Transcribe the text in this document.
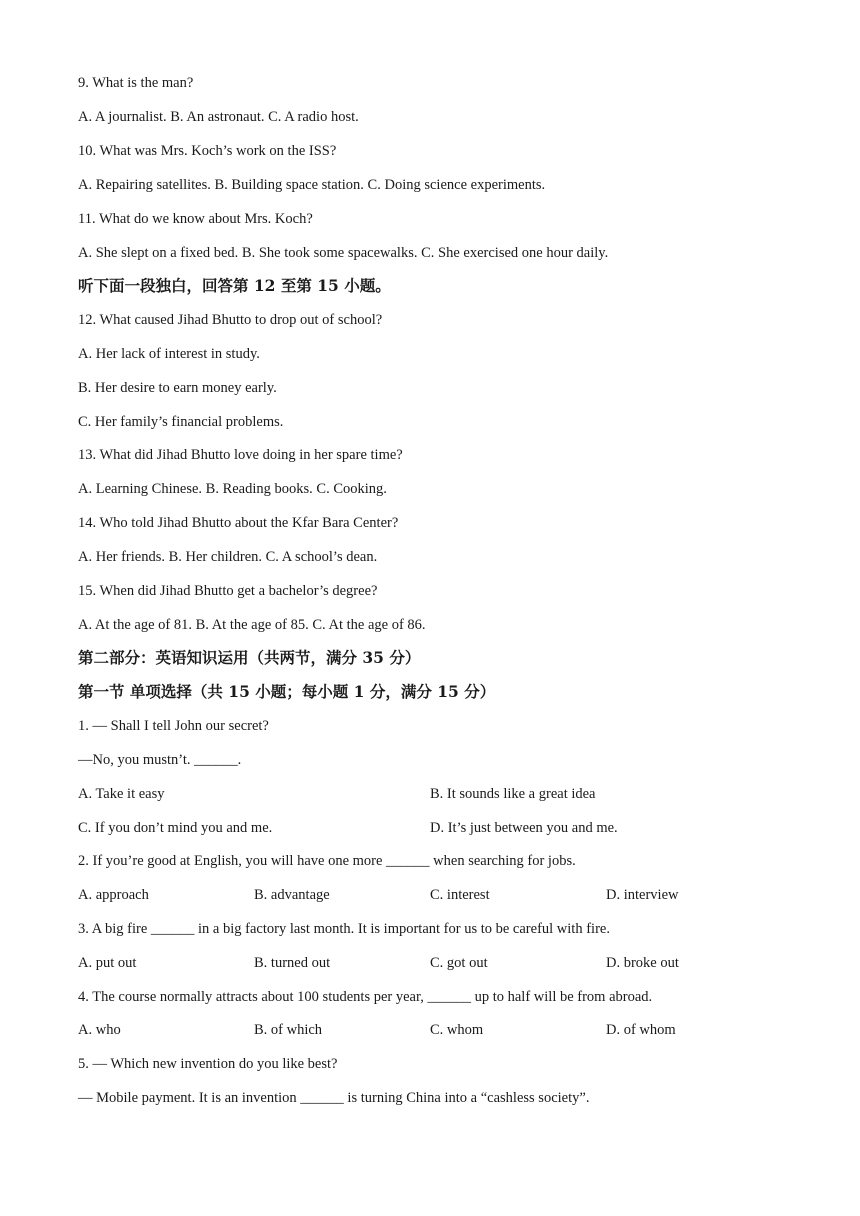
9. What is the man?
A. A journalist. B. An astronaut. C. A radio host.
10. What was Mrs. Koch’s work on the ISS?
A. Repairing satellites. B. Building space station. C. Doing science experiments.
11. What do we know about Mrs. Koch?
A. She slept on a fixed bed. B. She took some spacewalks. C. She exercised one hour daily.
听下面一段独白，回答第 12 至第 15 小题。
12. What caused Jihad Bhutto to drop out of school?
A. Her lack of interest in study.
B. Her desire to earn money early.
C. Her family’s financial problems.
13. What did Jihad Bhutto love doing in her spare time?
A. Learning Chinese. B. Reading books. C. Cooking.
14. Who told Jihad Bhutto about the Kfar Bara Center?
A. Her friends. B. Her children. C. A school’s dean.
15. When did Jihad Bhutto get a bachelor’s degree?
A. At the age of 81. B. At the age of 85. C. At the age of 86.
第二部分：英语知识运用（共两节，满分 35 分）
第一节 单项选择（共 15 小题；每小题 1 分，满分 15 分）
1. — Shall I tell John our secret?
—No, you mustn’t. ______.
A. Take it easy	B. It sounds like a great idea
C. If you don’t mind you and me.	D. It’s just between you and me.
2. If you’re good at English, you will have one more ______ when searching for jobs.
A. approach	B. advantage	C. interest	D. interview
3. A big fire ______ in a big factory last month. It is important for us to be careful with fire.
A. put out	B. turned out	C. got out	D. broke out
4. The course normally attracts about 100 students per year, ______ up to half will be from abroad.
A. who	B. of which	C. whom	D. of whom
5. — Which new invention do you like best?
— Mobile payment. It is an invention ______ is turning China into a “cashless society”.
